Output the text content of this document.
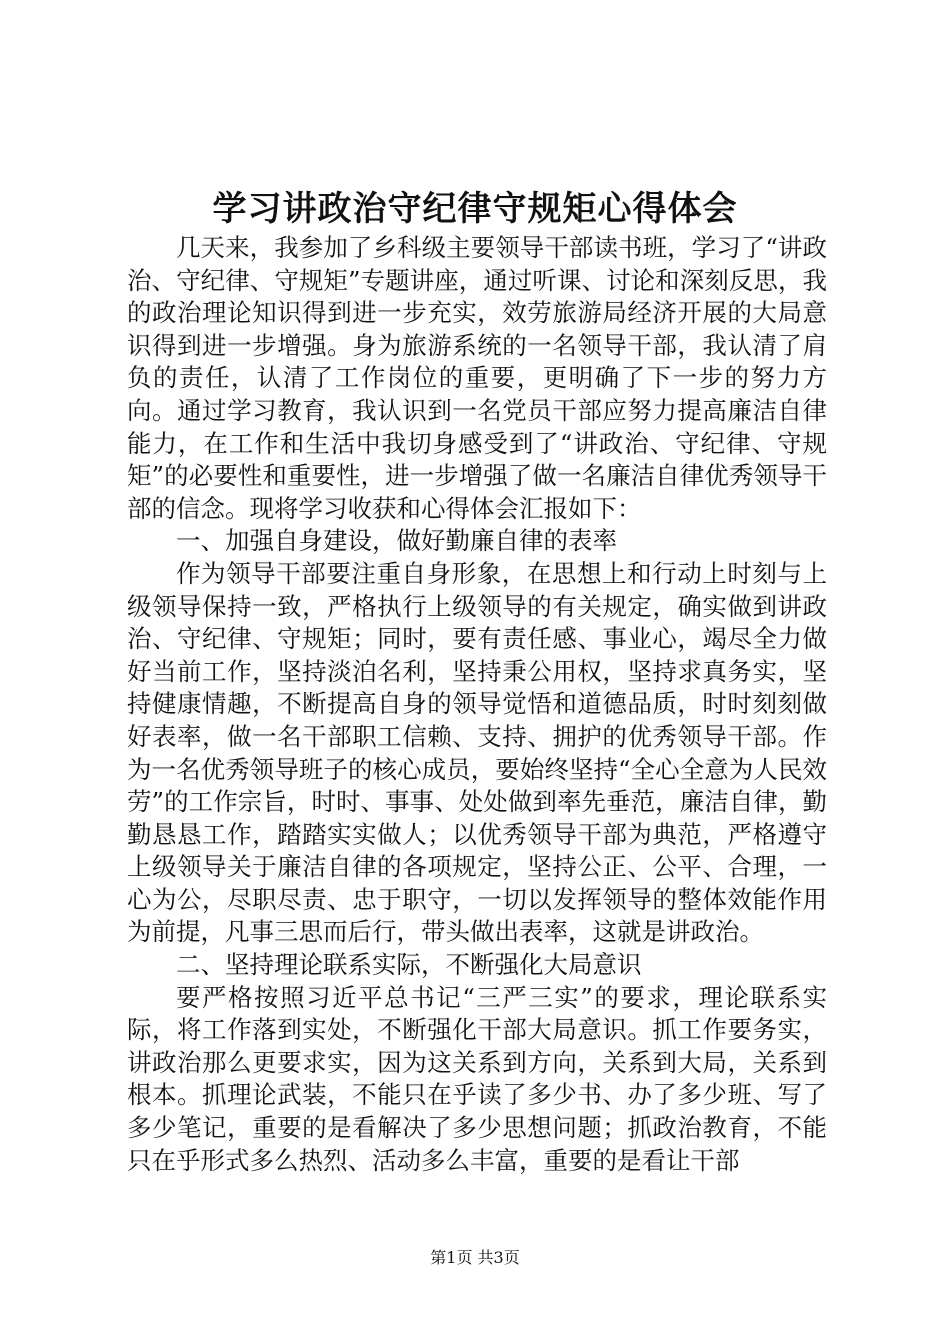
学习讲政治守纪律守规矩心得体会

几天来，我参加了乡科级主要领导干部读书班，学习了“讲政治、守纪律、守规矩”专题讲座，通过听课、讨论和深刻反思，我的政治理论知识得到进一步充实，效劳旅游局经济开展的大局意识得到进一步增强。身为旅游系统的一名领导干部，我认清了肩负的责任，认清了工作岗位的重要，更明确了下一步的努力方向。通过学习教育，我认识到一名党员干部应努力提高廉洁自律能力，在工作和生活中我切身感受到了“讲政治、守纪律、守规矩”的必要性和重要性，进一步增强了做一名廉洁自律优秀领导干部的信念。现将学习收获和心得体会汇报如下：

一、加强自身建设，做好勤廉自律的表率

作为领导干部要注重自身形象，在思想上和行动上时刻与上级领导保持一致，严格执行上级领导的有关规定，确实做到讲政治、守纪律、守规矩；同时，要有责任感、事业心，竭尽全力做好当前工作，坚持淡泊名利，坚持秉公用权，坚持求真务实，坚持健康情趣，不断提高自身的领导觉悟和道德品质，时时刻刻做好表率，做一名干部职工信赖、支持、拥护的优秀领导干部。作为一名优秀领导班子的核心成员，要始终坚持“全心全意为人民效劳”的工作宗旨，时时、事事、处处做到率先垂范，廉洁自律，勤勤恳恳工作，踏踏实实做人；以优秀领导干部为典范，严格遵守上级领导关于廉洁自律的各项规定，坚持公正、公平、合理，一心为公，尽职尽责、忠于职守，一切以发挥领导的整体效能作用为前提，凡事三思而后行，带头做出表率，这就是讲政治。

二、坚持理论联系实际，不断强化大局意识

要严格按照习近平总书记“三严三实”的要求，理论联系实际，将工作落到实处，不断强化干部大局意识。抓工作要务实，讲政治那么更要求实，因为这关系到方向，关系到大局，关系到根本。抓理论武装，不能只在乎读了多少书、办了多少班、写了多少笔记，重要的是看解决了多少思想问题；抓政治教育，不能只在乎形式多么热烈、活动多么丰富，重要的是看让干部

第1页 共3页
